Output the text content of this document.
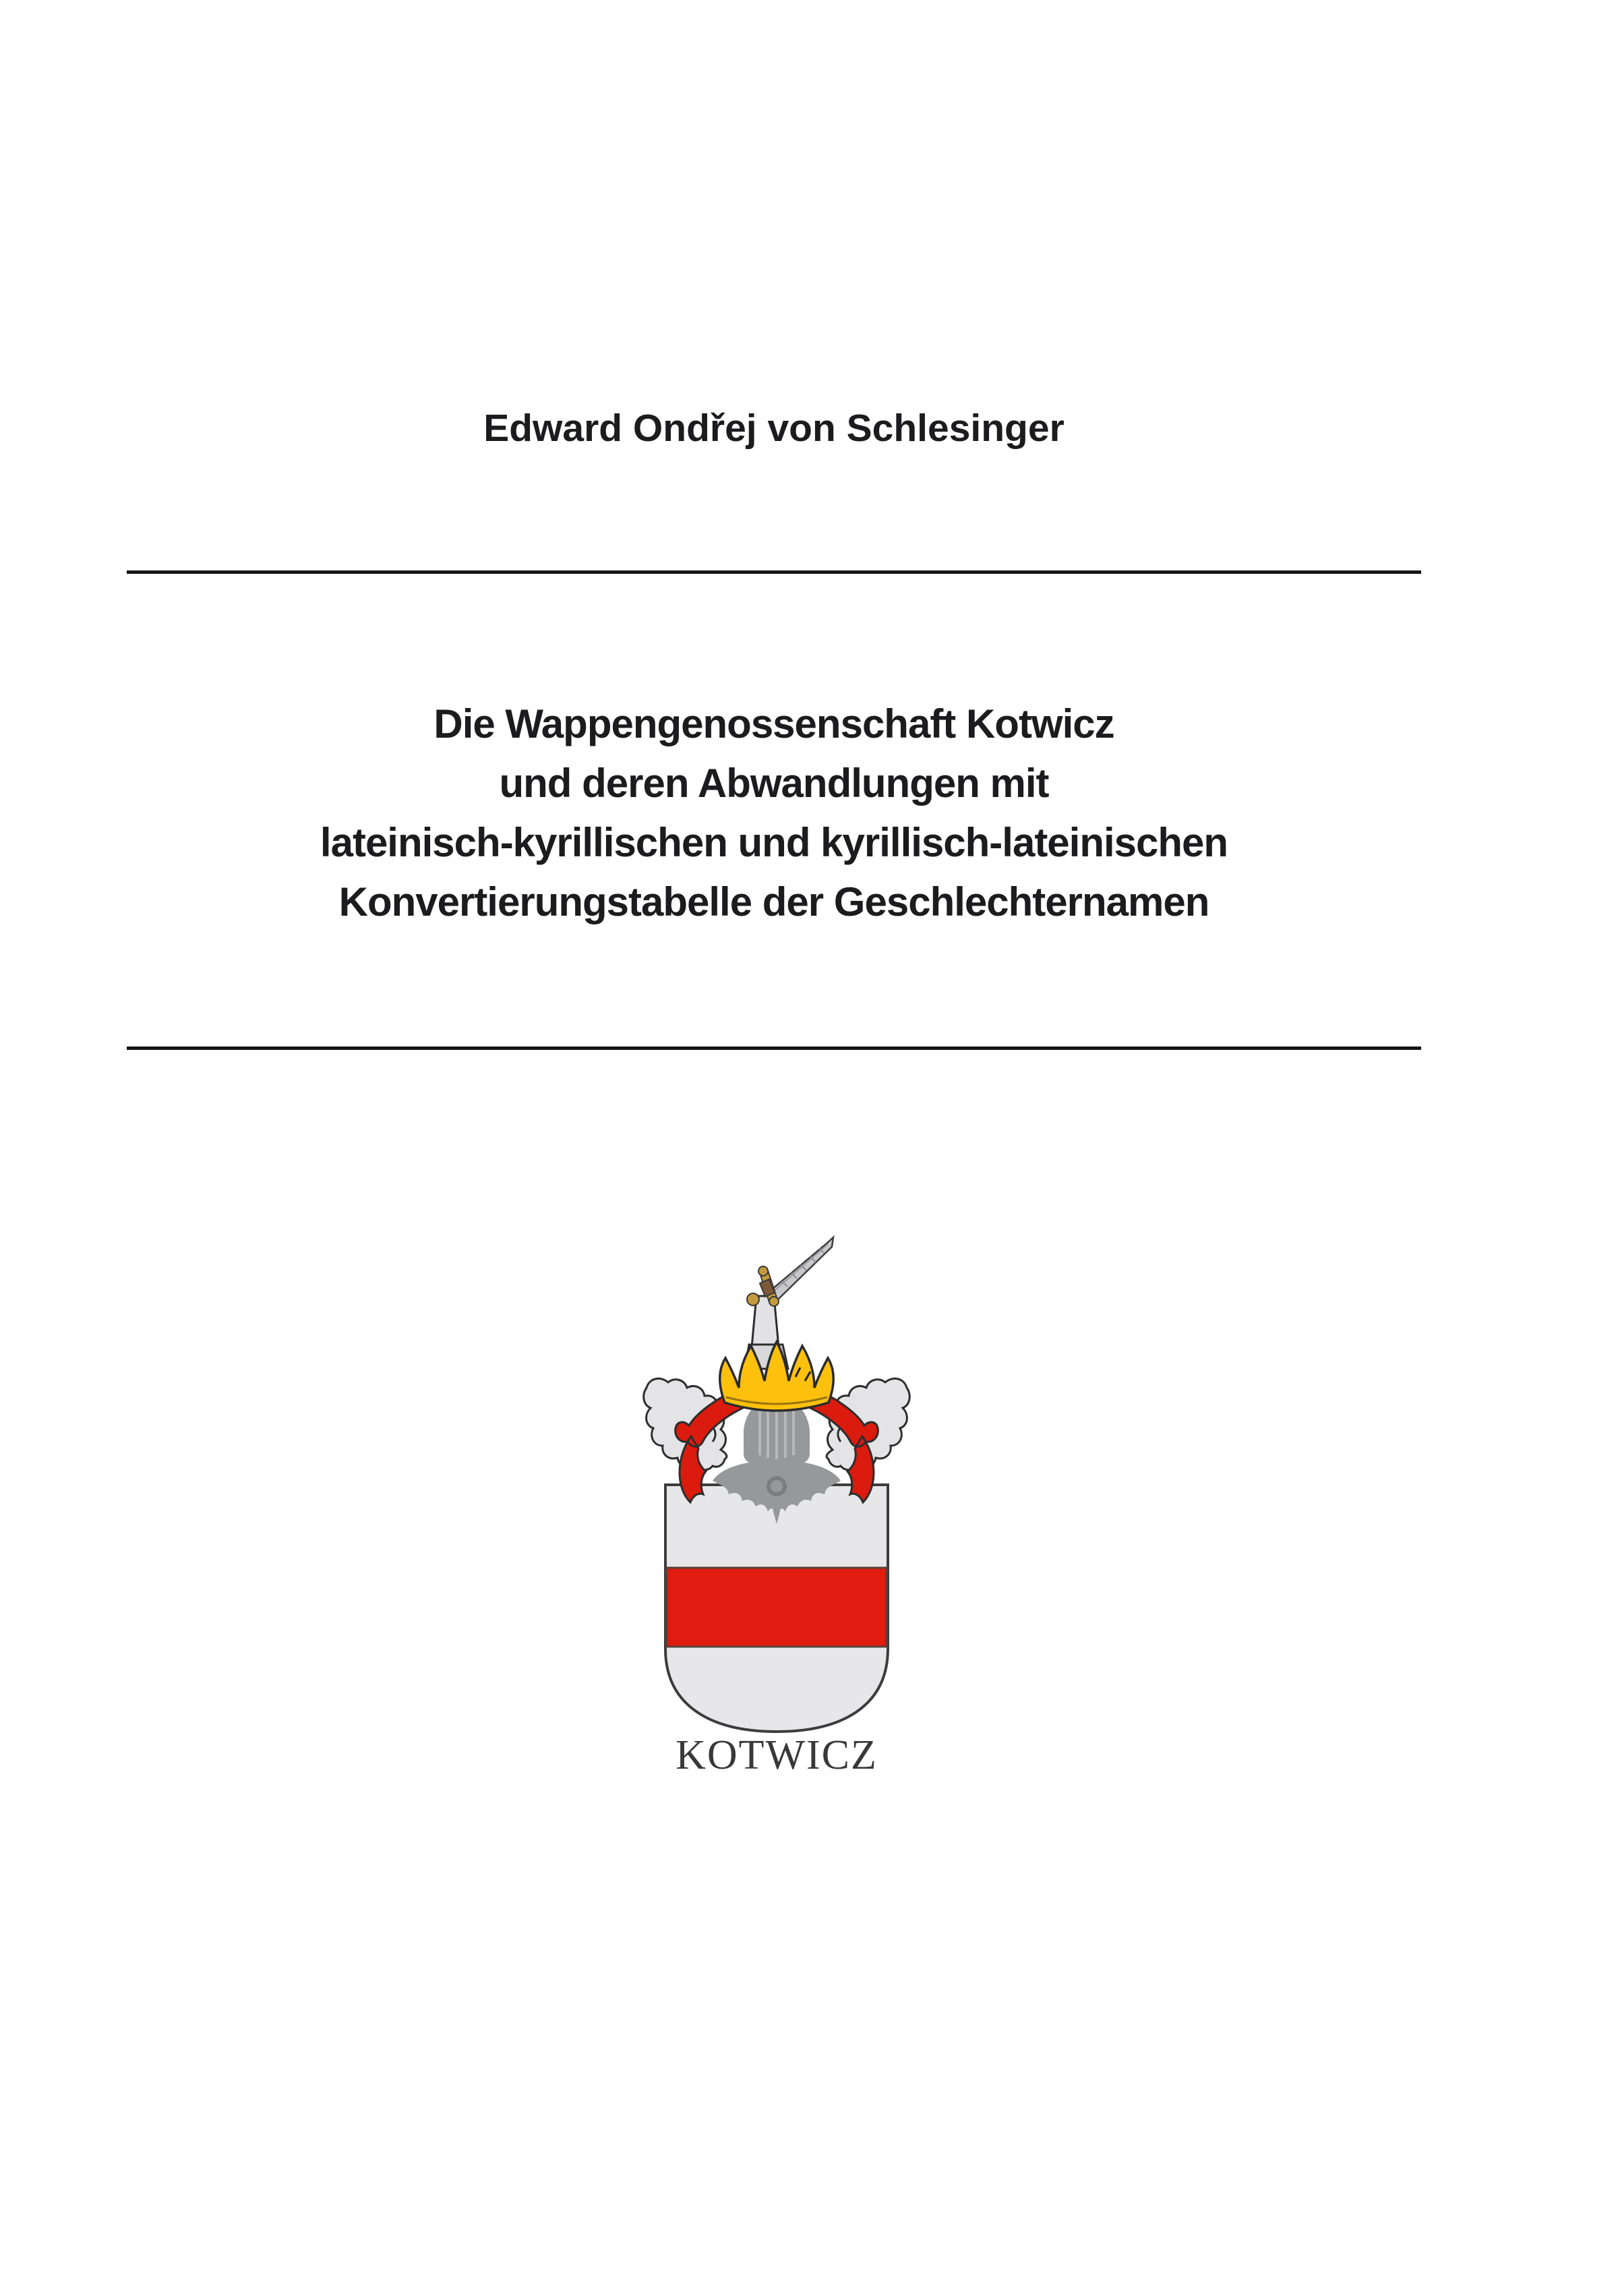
Edward Ondřej von Schlesinger
Die Wappengenossenschaft Kotwicz
und deren Abwandlungen mit
lateinisch-kyrillischen und kyrillisch-lateinischen
Konvertierungstabelle der Geschlechternamen
KOTWICZ
